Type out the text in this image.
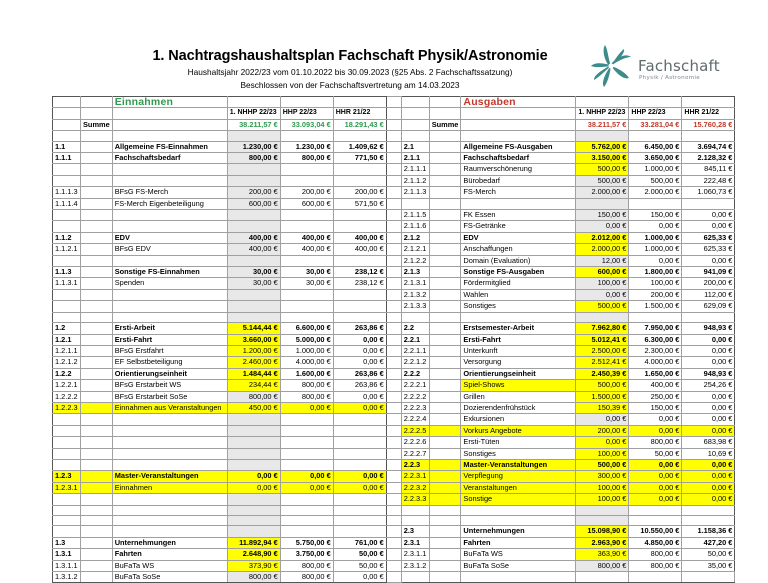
1. Nachtragshaushaltsplan Fachschaft Physik/Astronomie
Haushaltsjahr 2022/23 vom 01.10.2022 bis 30.09.2023 (§25 Abs. 2 Fachschaftssatzung)
Beschlossen von der Fachschaftsvertretung am 14.03.2023
Fachschaft
Physik / Astronomie
		Einnahmen							Ausgaben			
			1. NHHP 22/23	HHP 22/23	HHR 21/22					1. NHHP 22/23	HHP 22/23	HHR 21/22
	Summe		38.211,57 €	33.093,04 €	18.291,43 €			Summe		38.211,57 €	33.281,04 €	15.760,28 €

1.1		Allgemeine FS-Einnahmen	1.230,00 €	1.230,00 €	1.409,62 €		2.1		Allgemeine FS-Ausgaben	5.762,00 €	6.450,00 €	3.694,74 €
1.1.1		Fachschaftsbedarf	800,00 €	800,00 €	771,50 €		2.1.1		Fachschaftsbedarf	3.150,00 €	3.650,00 €	2.128,32 €
							2.1.1.1		Raumverschönerung	500,00 €	1.000,00 €	845,11 €
							2.1.1.2		Bürobedarf	500,00 €	500,00 €	222,48 €
1.1.1.3		BFsG FS-Merch	200,00 €	200,00 €	200,00 €		2.1.1.3		FS-Merch	2.000,00 €	2.000,00 €	1.060,73 €
1.1.1.4		FS-Merch Eigenbeteiligung	600,00 €	600,00 €	571,50 €							
							2.1.1.5		FK Essen	150,00 €	150,00 €	0,00 €
							2.1.1.6		FS-Getränke	0,00 €	0,00 €	0,00 €
1.1.2		EDV	400,00 €	400,00 €	400,00 €		2.1.2		EDV	2.012,00 €	1.000,00 €	625,33 €
1.1.2.1		BFsG EDV	400,00 €	400,00 €	400,00 €		2.1.2.1		Anschaffungen	2.000,00 €	1.000,00 €	625,33 €
							2.1.2.2		Domain (Evaluation)	12,00 €	0,00 €	0,00 €
1.1.3		Sonstige FS-Einnahmen	30,00 €	30,00 €	238,12 €		2.1.3		Sonstige FS-Ausgaben	600,00 €	1.800,00 €	941,09 €
1.1.3.1		Spenden	30,00 €	30,00 €	238,12 €		2.1.3.1		Fördermitglied	100,00 €	100,00 €	200,00 €
							2.1.3.2		Wahlen	0,00 €	200,00 €	112,00 €
							2.1.3.3		Sonstiges	500,00 €	1.500,00 €	629,09 €

1.2		Ersti-Arbeit	5.144,44 €	6.600,00 €	263,86 €		2.2		Erstsemester-Arbeit	7.962,80 €	7.950,00 €	948,93 €
1.2.1		Ersti-Fahrt	3.660,00 €	5.000,00 €	0,00 €		2.2.1		Ersti-Fahrt	5.012,41 €	6.300,00 €	0,00 €
1.2.1.1		BFsG Erstfahrt	1.200,00 €	1.000,00 €	0,00 €		2.2.1.1		Unterkunft	2.500,00 €	2.300,00 €	0,00 €
1.2.1.2		EF Selbstbeteiligung	2.460,00 €	4.000,00 €	0,00 €		2.2.1.2		Versorgung	2.512,41 €	4.000,00 €	0,00 €
1.2.2		Orientierungseinheit	1.484,44 €	1.600,00 €	263,86 €		2.2.2		Orientierungseinheit	2.450,39 €	1.650,00 €	948,93 €
1.2.2.1		BFsG Erstarbeit WS	234,44 €	800,00 €	263,86 €		2.2.2.1		Spiel-Shows	500,00 €	400,00 €	254,26 €
1.2.2.2		BFsG Erstarbeit SoSe	800,00 €	800,00 €	0,00 €		2.2.2.2		Grillen	1.500,00 €	250,00 €	0,00 €
1.2.2.3		Einnahmen aus Veranstaltungen	450,00 €	0,00 €	0,00 €		2.2.2.3		Dozierendenfrühstück	150,39 €	150,00 €	0,00 €
							2.2.2.4		Exkursionen	0,00 €	0,00 €	0,00 €
							2.2.2.5		Vorkurs Angebote	200,00 €	0,00 €	0,00 €
							2.2.2.6		Ersti-Tüten	0,00 €	800,00 €	683,98 €
							2.2.2.7		Sonstiges	100,00 €	50,00 €	10,69 €
							2.2.3		Master-Veranstaltungen	500,00 €	0,00 €	0,00 €
1.2.3		Master-Veranstaltungen	0,00 €	0,00 €	0,00 €		2.2.3.1		Verpflegung	300,00 €	0,00 €	0,00 €
1.2.3.1		Einnahmen	0,00 €	0,00 €	0,00 €		2.2.3.2		Veranstaltungen	100,00 €	0,00 €	0,00 €
							2.2.3.3		Sonstige	100,00 €	0,00 €	0,00 €

							2.3		Unternehmungen	15.098,90 €	10.550,00 €	1.158,36 €
1.3		Unternehmungen	11.892,94 €	5.750,00 €	761,00 €		2.3.1		Fahrten	2.963,90 €	4.850,00 €	427,20 €
1.3.1		Fahrten	2.648,90 €	3.750,00 €	50,00 €		2.3.1.1		BuFaTa WS	363,90 €	800,00 €	50,00 €
1.3.1.1		BuFaTa WS	373,90 €	800,00 €	50,00 €		2.3.1.2		BuFaTa SoSe	800,00 €	800,00 €	35,00 €
1.3.1.2		BuFaTa SoSe	800,00 €	800,00 €	0,00 €							
